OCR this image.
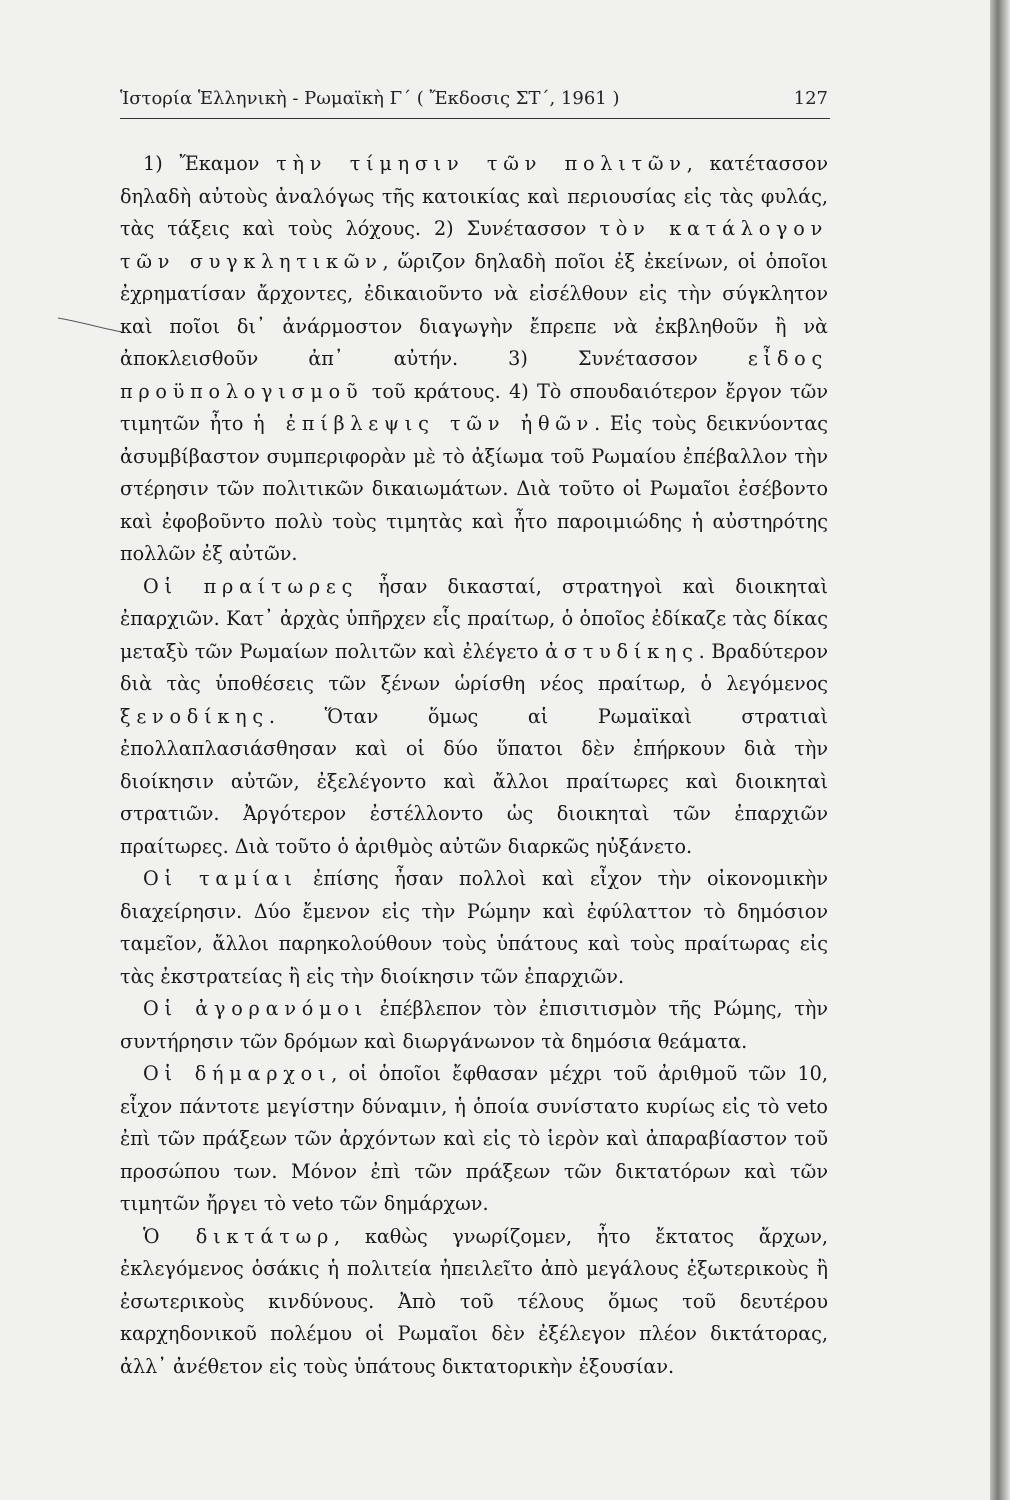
Ἱστορία Ἑλληνικὴ - Ρωμαϊκὴ Γ΄ ( Ἔκδοσις ΣΤ΄, 1961 )	127

1) Ἔκαμον τὴν τίμησιν τῶν πολιτῶν, κατέτασσον δηλαδὴ αὐτοὺς ἀναλόγως τῆς κατοικίας καὶ περιουσίας εἰς τὰς φυλάς, τὰς τάξεις καὶ τοὺς λόχους. 2) Συνέτασσον τὸν κατάλογον τῶν συγκλητικῶν, ὥριζον δηλαδὴ ποῖοι ἐξ ἐκείνων, οἱ ὁποῖοι ἐχρηματίσαν ἄρχοντες, ἐδικαιοῦντο νὰ εἰσέλθουν εἰς τὴν σύγκλητον καὶ ποῖοι δι᾽ ἀνάρμοστον διαγωγὴν ἔπρεπε νὰ ἐκβληθοῦν ἢ νὰ ἀποκλεισθοῦν ἀπ᾽ αὐτήν. 3) Συνέτασσον εἶδος προϋπολογισμοῦ τοῦ κράτους. 4) Τὸ σπουδαιότερον ἔργον τῶν τιμητῶν ἦτο ἡ ἐπίβλεψις τῶν ἠθῶν. Εἰς τοὺς δεικνύοντας ἀσυμβίβαστον συμπεριφορὰν μὲ τὸ ἀξίωμα τοῦ Ρωμαίου ἐπέβαλλον τὴν στέρησιν τῶν πολιτικῶν δικαιωμάτων. Διὰ τοῦτο οἱ Ρωμαῖοι ἐσέβοντο καὶ ἐφοβοῦντο πολὺ τοὺς τιμητὰς καὶ ἦτο παροιμιώδης ἡ αὐστηρότης πολλῶν ἐξ αὐτῶν.

Οἱ πραίτωρες ἦσαν δικασταί, στρατηγοὶ καὶ διοικηταὶ ἐπαρχιῶν. Κατ᾽ ἀρχὰς ὑπῆρχεν εἷς πραίτωρ, ὁ ὁποῖος ἐδίκαζε τὰς δίκας μεταξὺ τῶν Ρωμαίων πολιτῶν καὶ ἐλέγετο ἀστυδίκης. Βραδύτερον διὰ τὰς ὑποθέσεις τῶν ξένων ὡρίσθη νέος πραίτωρ, ὁ λεγόμενος ξενοδίκης. Ὅταν ὅμως αἱ Ρωμαϊκαὶ στρατιαὶ ἐπολλαπλασιάσθησαν καὶ οἱ δύο ὕπατοι δὲν ἐπήρκουν διὰ τὴν διοίκησιν αὐτῶν, ἐξελέγοντο καὶ ἄλλοι πραίτωρες καὶ διοικηταὶ στρατιῶν. Ἀργότερον ἐστέλλοντο ὡς διοικηταὶ τῶν ἐπαρχιῶν πραίτωρες. Διὰ τοῦτο ὁ ἀριθμὸς αὐτῶν διαρκῶς ηὐξάνετο.

Οἱ ταμίαι ἐπίσης ἦσαν πολλοὶ καὶ εἶχον τὴν οἰκονομικὴν διαχείρησιν. Δύο ἔμενον εἰς τὴν Ρώμην καὶ ἐφύλαττον τὸ δημόσιον ταμεῖον, ἄλλοι παρηκολούθουν τοὺς ὑπάτους καὶ τοὺς πραίτωρας εἰς τὰς ἐκστρατείας ἢ εἰς τὴν διοίκησιν τῶν ἐπαρχιῶν.

Οἱ ἀγορανόμοι ἐπέβλεπον τὸν ἐπισιτισμὸν τῆς Ρώμης, τὴν συντήρησιν τῶν δρόμων καὶ διωργάνωνον τὰ δημόσια θεάματα.

Οἱ δήμαρχοι, οἱ ὁποῖοι ἔφθασαν μέχρι τοῦ ἀριθμοῦ τῶν 10, εἶχον πάντοτε μεγίστην δύναμιν, ἡ ὁποία συνίστατο κυρίως εἰς τὸ veto ἐπὶ τῶν πράξεων τῶν ἀρχόντων καὶ εἰς τὸ ἱερὸν καὶ ἀπαραβίαστον τοῦ προσώπου των. Μόνον ἐπὶ τῶν πράξεων τῶν δικτατόρων καὶ τῶν τιμητῶν ἤργει τὸ veto τῶν δημάρχων.

Ὁ δικτάτωρ, καθὼς γνωρίζομεν, ἦτο ἔκτατος ἄρχων, ἐκλεγόμενος ὁσάκις ἡ πολιτεία ἠπειλεῖτο ἀπὸ μεγάλους ἐξωτερικοὺς ἢ ἐσωτερικοὺς κινδύνους. Ἀπὸ τοῦ τέλους ὅμως τοῦ δευτέρου καρχηδονικοῦ πολέμου οἱ Ρωμαῖοι δὲν ἐξέλεγον πλέον δικτάτορας, ἀλλ᾽ ἀνέθετον εἰς τοὺς ὑπάτους δικτατορικὴν ἐξουσίαν.
